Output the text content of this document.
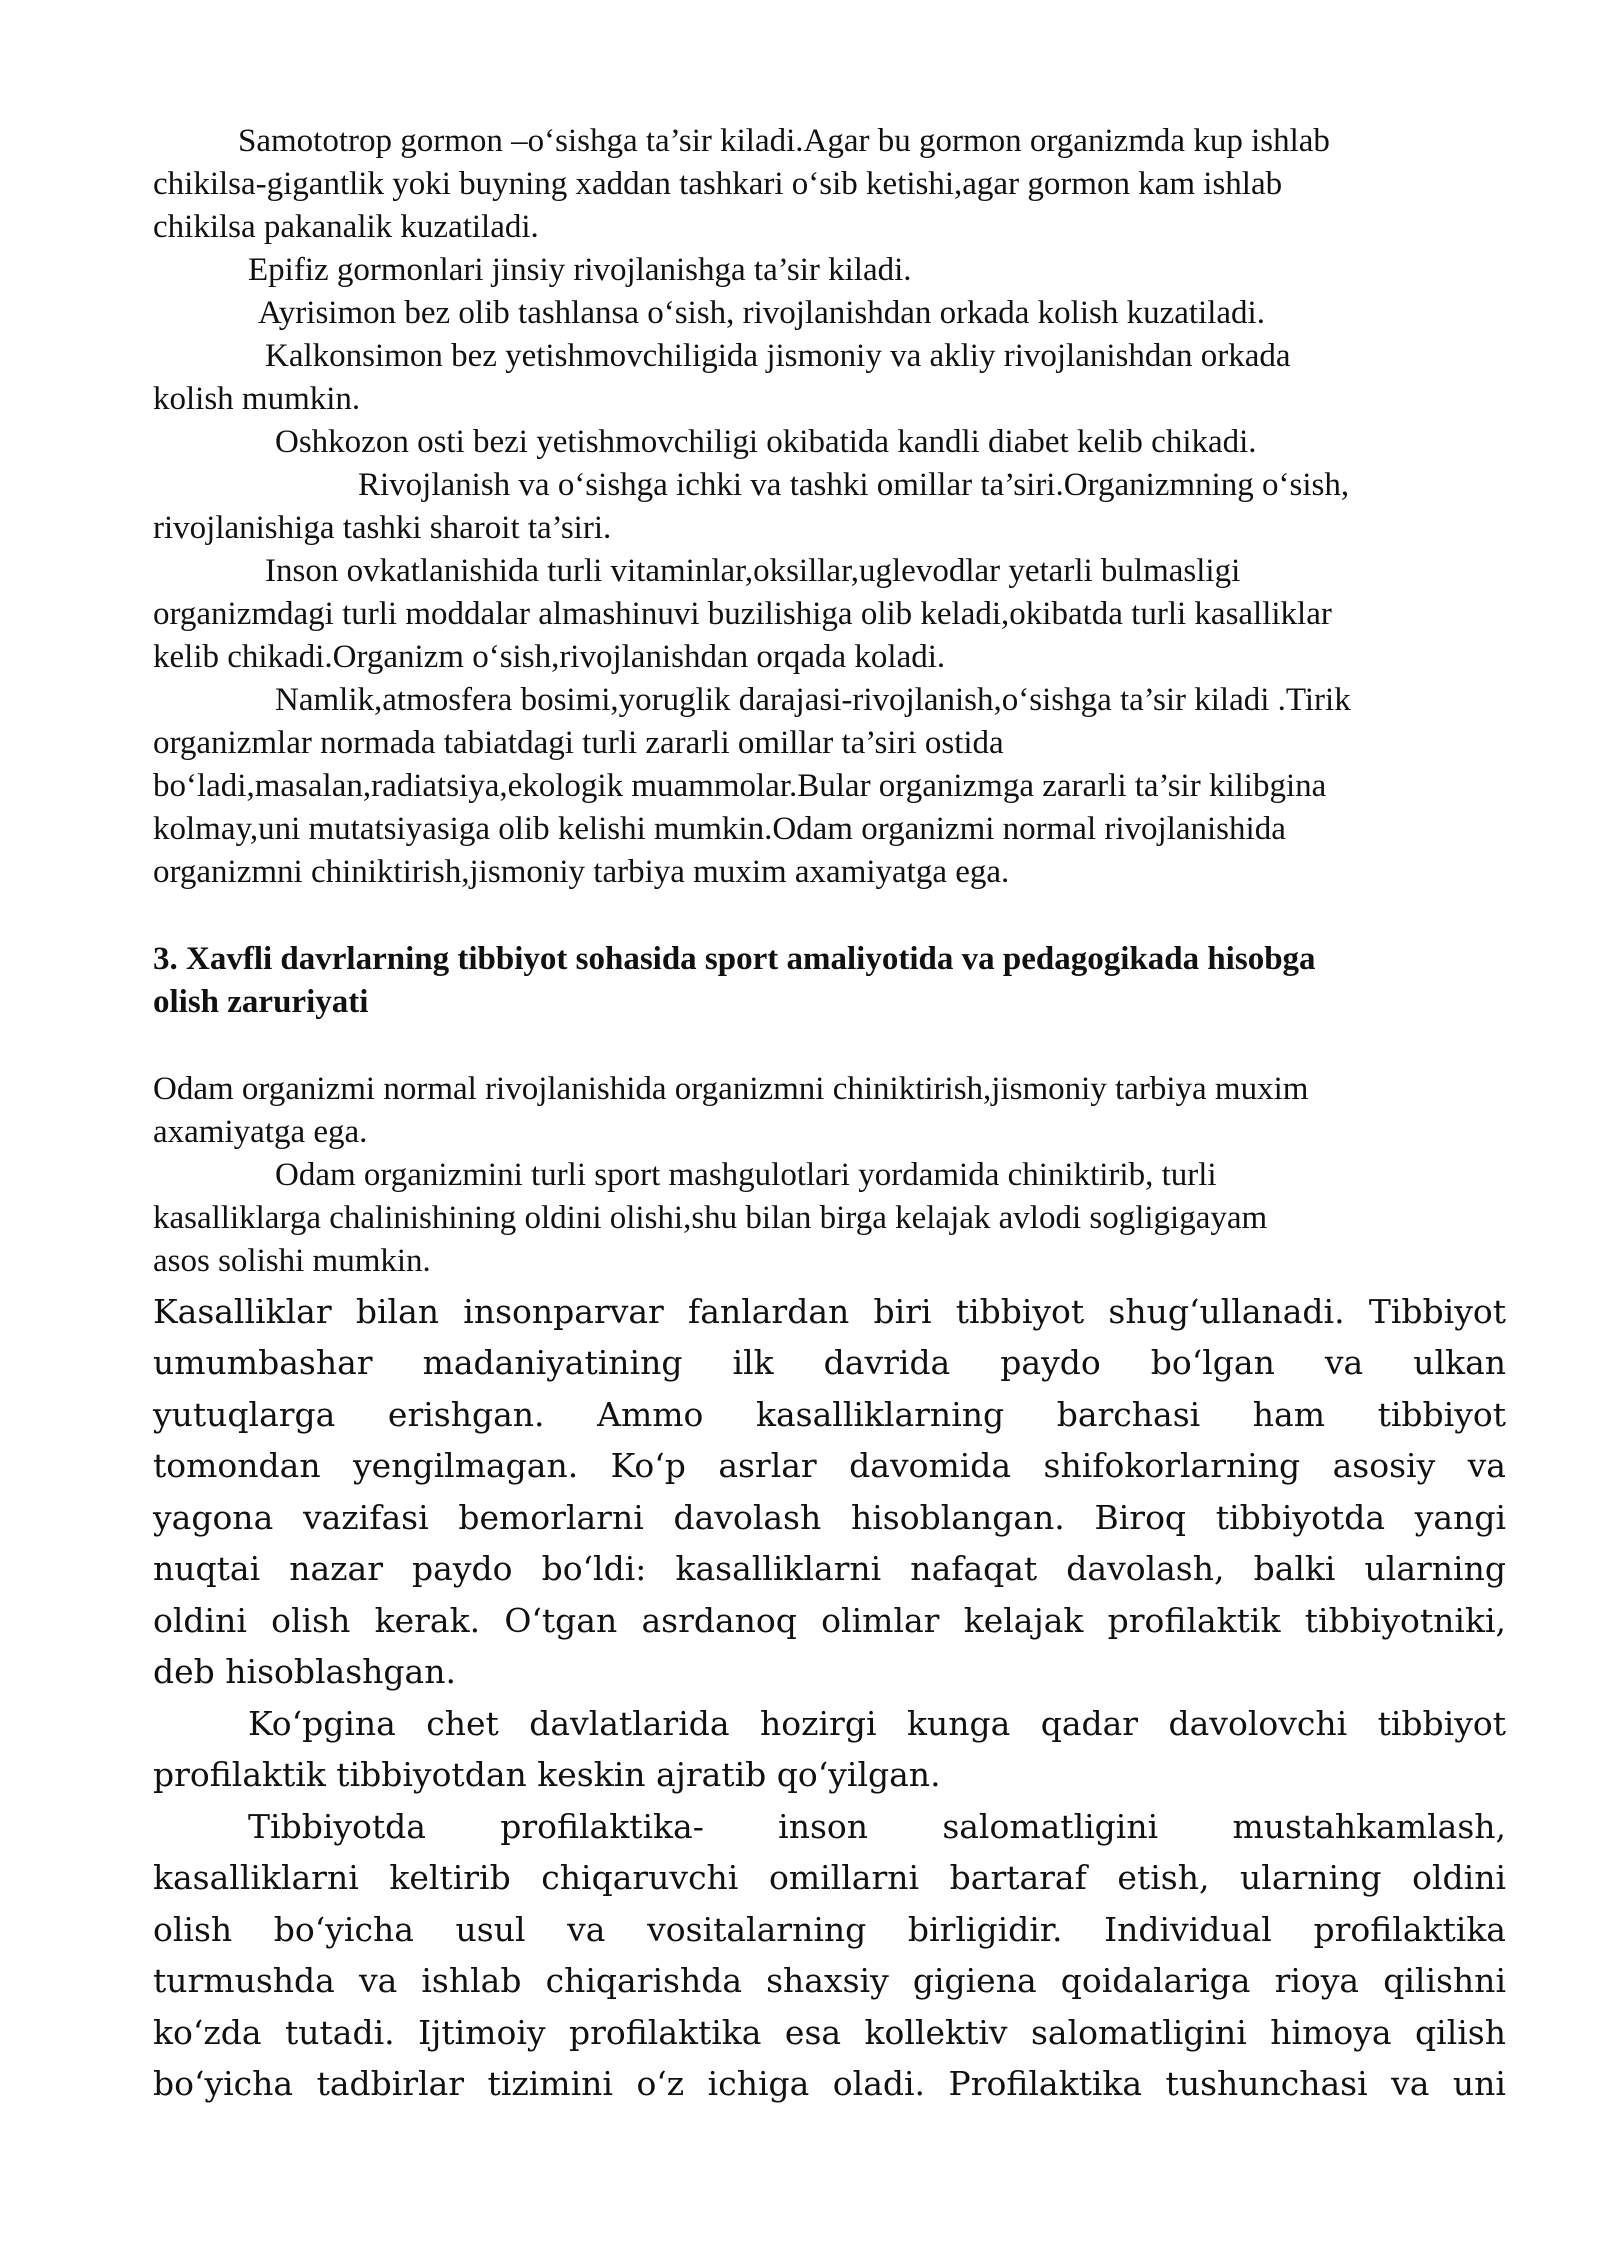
Samototrop gormon –o‘sishga ta’sir kiladi.Agar bu gormon organizmda kup ishlab
chikilsa-gigantlik yoki buyning xaddan tashkari o‘sib ketishi,agar gormon kam ishlab
chikilsa pakanalik kuzatiladi.
Epifiz gormonlari jinsiy rivojlanishga ta’sir kiladi.
Ayrisimon bez olib tashlansa o‘sish, rivojlanishdan orkada kolish kuzatiladi.
Kalkonsimon bez yetishmovchiligida jismoniy va akliy rivojlanishdan orkada
kolish mumkin.
Oshkozon osti bezi yetishmovchiligi okibatida kandli diabet kelib chikadi.
Rivojlanish va o‘sishga ichki va tashki omillar ta’siri.Organizmning o‘sish,
rivojlanishiga tashki sharoit ta’siri.
Inson ovkatlanishida turli vitaminlar,oksillar,uglevodlar yetarli bulmasligi
organizmdagi turli moddalar almashinuvi buzilishiga olib keladi,okibatda turli kasalliklar
kelib chikadi.Organizm o‘sish,rivojlanishdan orqada koladi.
Namlik,atmosfera bosimi,yoruglik darajasi-rivojlanish,o‘sishga ta’sir kiladi .Tirik
organizmlar normada tabiatdagi turli zararli omillar ta’siri ostida
bo‘ladi,masalan,radiatsiya,ekologik muammolar.Bular organizmga zararli ta’sir kilibgina
kolmay,uni mutatsiyasiga olib kelishi mumkin.Odam organizmi normal rivojlanishida
organizmni chiniktirish,jismoniy tarbiya muxim axamiyatga ega.
3. Xavfli davrlarning tibbiyot sohasida sport amaliyotida va pedagogikada hisobga
olish zaruriyati
Odam organizmi normal rivojlanishida organizmni chiniktirish,jismoniy tarbiya muxim
axamiyatga ega.
Odam organizmini turli sport mashgulotlari yordamida chiniktirib, turli
kasalliklarga chalinishining oldini olishi,shu bilan birga kelajak avlodi sogligigayam
asos solishi mumkin.
Kasalliklar bilan insonparvar fanlardan biri tibbiyot shug‘ullanadi. Tibbiyot
umumbashar madaniyatining ilk davrida paydo bo‘lgan va ulkan
yutuqlarga erishgan. Ammo kasalliklarning barchasi ham tibbiyot
tomondan yengilmagan. Ko‘p asrlar davomida shifokorlarning asosiy va
yagona vazifasi bemorlarni davolash hisoblangan. Biroq tibbiyotda yangi
nuqtai nazar paydo bo‘ldi: kasalliklarni nafaqat davolash, balki ularning
oldini olish kerak. O‘tgan asrdanoq olimlar kelajak profilaktik tibbiyotniki,
deb hisoblashgan.
Ko‘pgina chet davlatlarida hozirgi kunga qadar davolovchi tibbiyot
profilaktik tibbiyotdan keskin ajratib qo‘yilgan.
Tibbiyotda profilaktika- inson salomatligini mustahkamlash,
kasalliklarni keltirib chiqaruvchi omillarni bartaraf etish, ularning oldini
olish bo‘yicha usul va vositalarning birligidir. Individual profilaktika
turmushda va ishlab chiqarishda shaxsiy gigiena qoidalariga rioya qilishni
ko‘zda tutadi. Ijtimoiy profilaktika esa kollektiv salomatligini himoya qilish
bo‘yicha tadbirlar tizimini o‘z ichiga oladi. Profilaktika tushunchasi va uni
